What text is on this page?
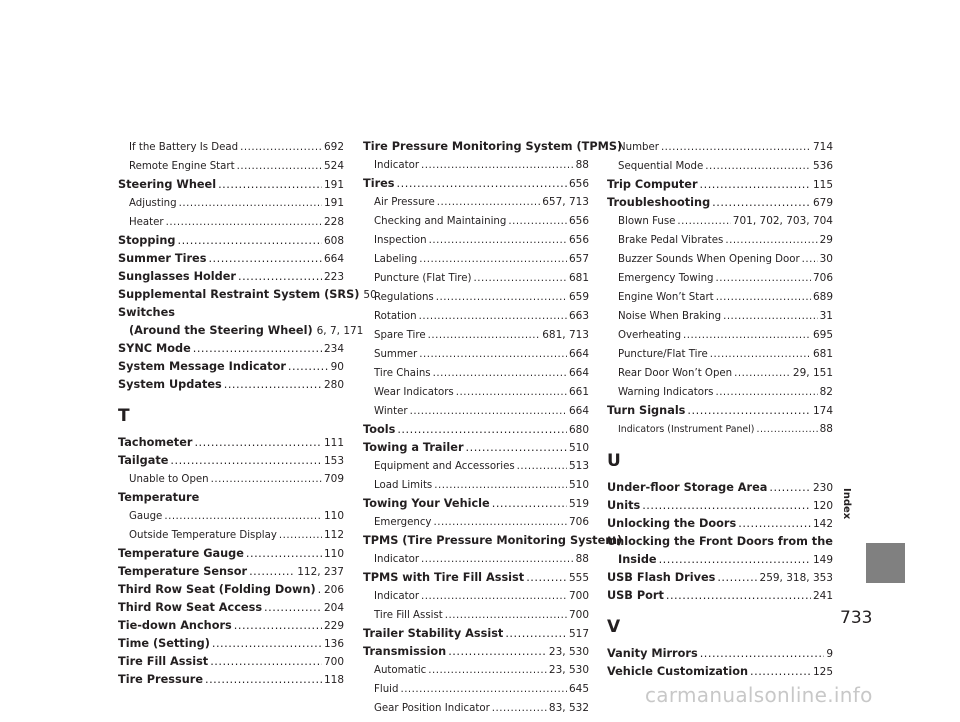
If the Battery Is Dead .....	692
Remote Engine Start .....	524
Steering Wheel .....	191
Adjusting .....	191
Heater .....	228
Stopping .....	608
Summer Tires .....	664
Sunglasses Holder .....	223
Supplemental Restraint System (SRS) 50
Switches
(Around the Steering Wheel) 6, 7, 171
SYNC Mode .....	234
System Message Indicator .....	90
System Updates .....	280
T
Tachometer .....	111
Tailgate .....	153
Unable to Open .....	709
Temperature
Gauge .....	110
Outside Temperature Display .....	112
Temperature Gauge .....	110
Temperature Sensor .....	112, 237
Third Row Seat (Folding Down) ..... 206
Third Row Seat Access .....	204
Tie-down Anchors .....	229
Time (Setting) .....	136
Tire Fill Assist .....	700
Tire Pressure .....	118
Tire Pressure Monitoring System (TPMS)
Indicator .....	88
Tires .....	656
Air Pressure .....	657, 713
Checking and Maintaining .....	656
Inspection .....	656
Labeling .....	657
Puncture (Flat Tire) .....	681
Regulations .....	659
Rotation .....	663
Spare Tire .....	681, 713
Summer .....	664
Tire Chains .....	664
Wear Indicators .....	661
Winter .....	664
Tools .....	680
Towing a Trailer .....	510
Equipment and Accessories .....	513
Load Limits .....	510
Towing Your Vehicle .....	519
Emergency .....	706
TPMS (Tire Pressure Monitoring System)
Indicator .....	88
TPMS with Tire Fill Assist .....	555
Indicator .....	700
Tire Fill Assist .....	700
Trailer Stability Assist .....	517
Transmission .....	23, 530
Automatic .....	23, 530
Fluid .....	645
Gear Position Indicator .....	83, 532
Number .....	714
Sequential Mode .....	536
Trip Computer .....	115
Troubleshooting .....	679
Blown Fuse .....	701, 702, 703, 704
Brake Pedal Vibrates .....	29
Buzzer Sounds When Opening Door ..... 30
Emergency Towing .....	706
Engine Won’t Start .....	689
Noise When Braking .....	31
Overheating .....	695
Puncture/Flat Tire .....	681
Rear Door Won’t Open .....	29, 151
Warning Indicators .....	82
Turn Signals .....	174
Indicators (Instrument Panel) .....	88
U
Under-floor Storage Area .....	230
Units .....	120
Unlocking the Doors .....	142
Unlocking the Front Doors from the
Inside .....	149
USB Flash Drives .....	259, 318, 353
USB Port .....	241
V
Vanity Mirrors .....	9
Vehicle Customization .....	125
Index
733
carmanualsonline.info
